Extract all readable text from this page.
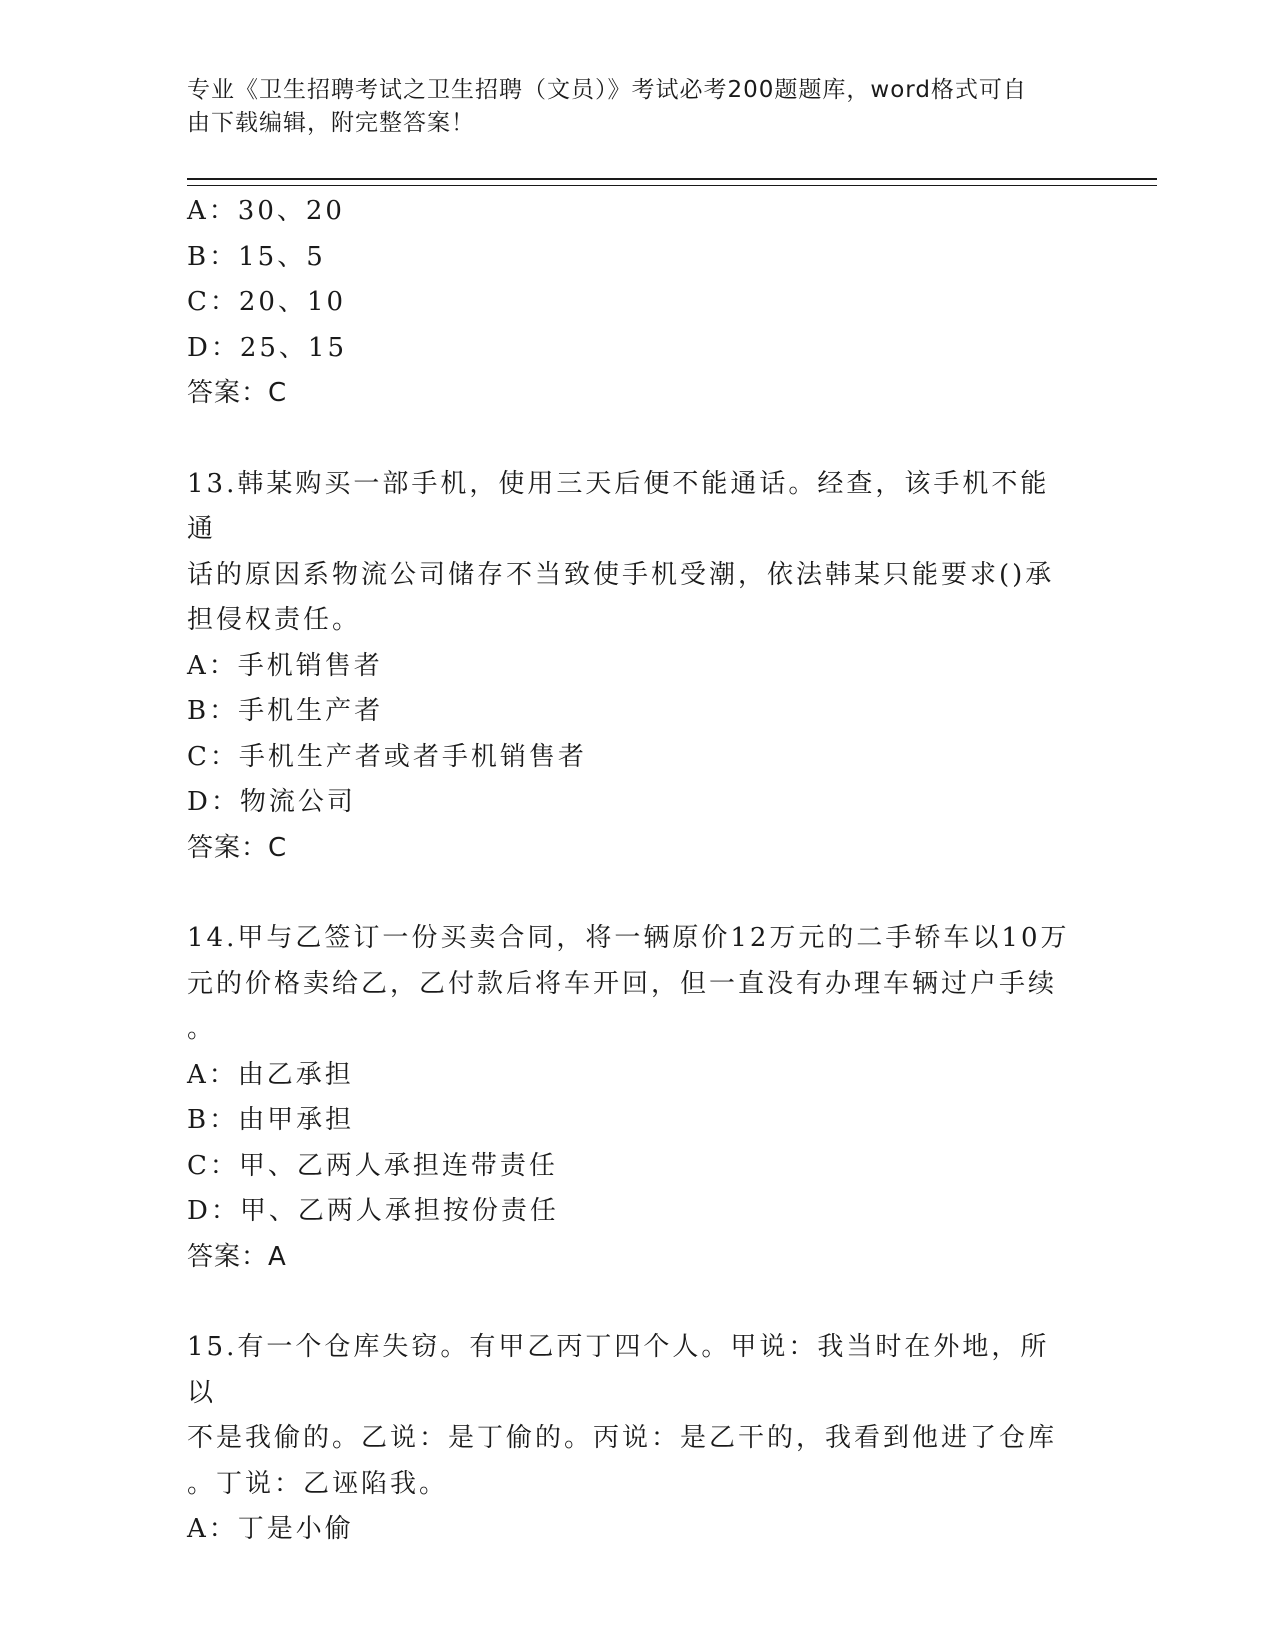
专业《卫生招聘考试之卫生招聘（文员）》考试必考200题题库，word格式可自
由下载编辑，附完整答案！
A：30、20
B：15、5
C：20、10
D：25、15
答案：C
13.韩某购买一部手机，使用三天后便不能通话。经查，该手机不能通
话的原因系物流公司储存不当致使手机受潮，依法韩某只能要求()承
担侵权责任。
A：手机销售者
B：手机生产者
C：手机生产者或者手机销售者
D：物流公司
答案：C
14.甲与乙签订一份买卖合同，将一辆原价12万元的二手轿车以10万
元的价格卖给乙，乙付款后将车开回，但一直没有办理车辆过户手续
。
A：由乙承担
B：由甲承担
C：甲、乙两人承担连带责任
D：甲、乙两人承担按份责任
答案：A
15.有一个仓库失窃。有甲乙丙丁四个人。甲说：我当时在外地，所以
不是我偷的。乙说：是丁偷的。丙说：是乙干的，我看到他进了仓库
。丁说：乙诬陷我。
A：丁是小偷
